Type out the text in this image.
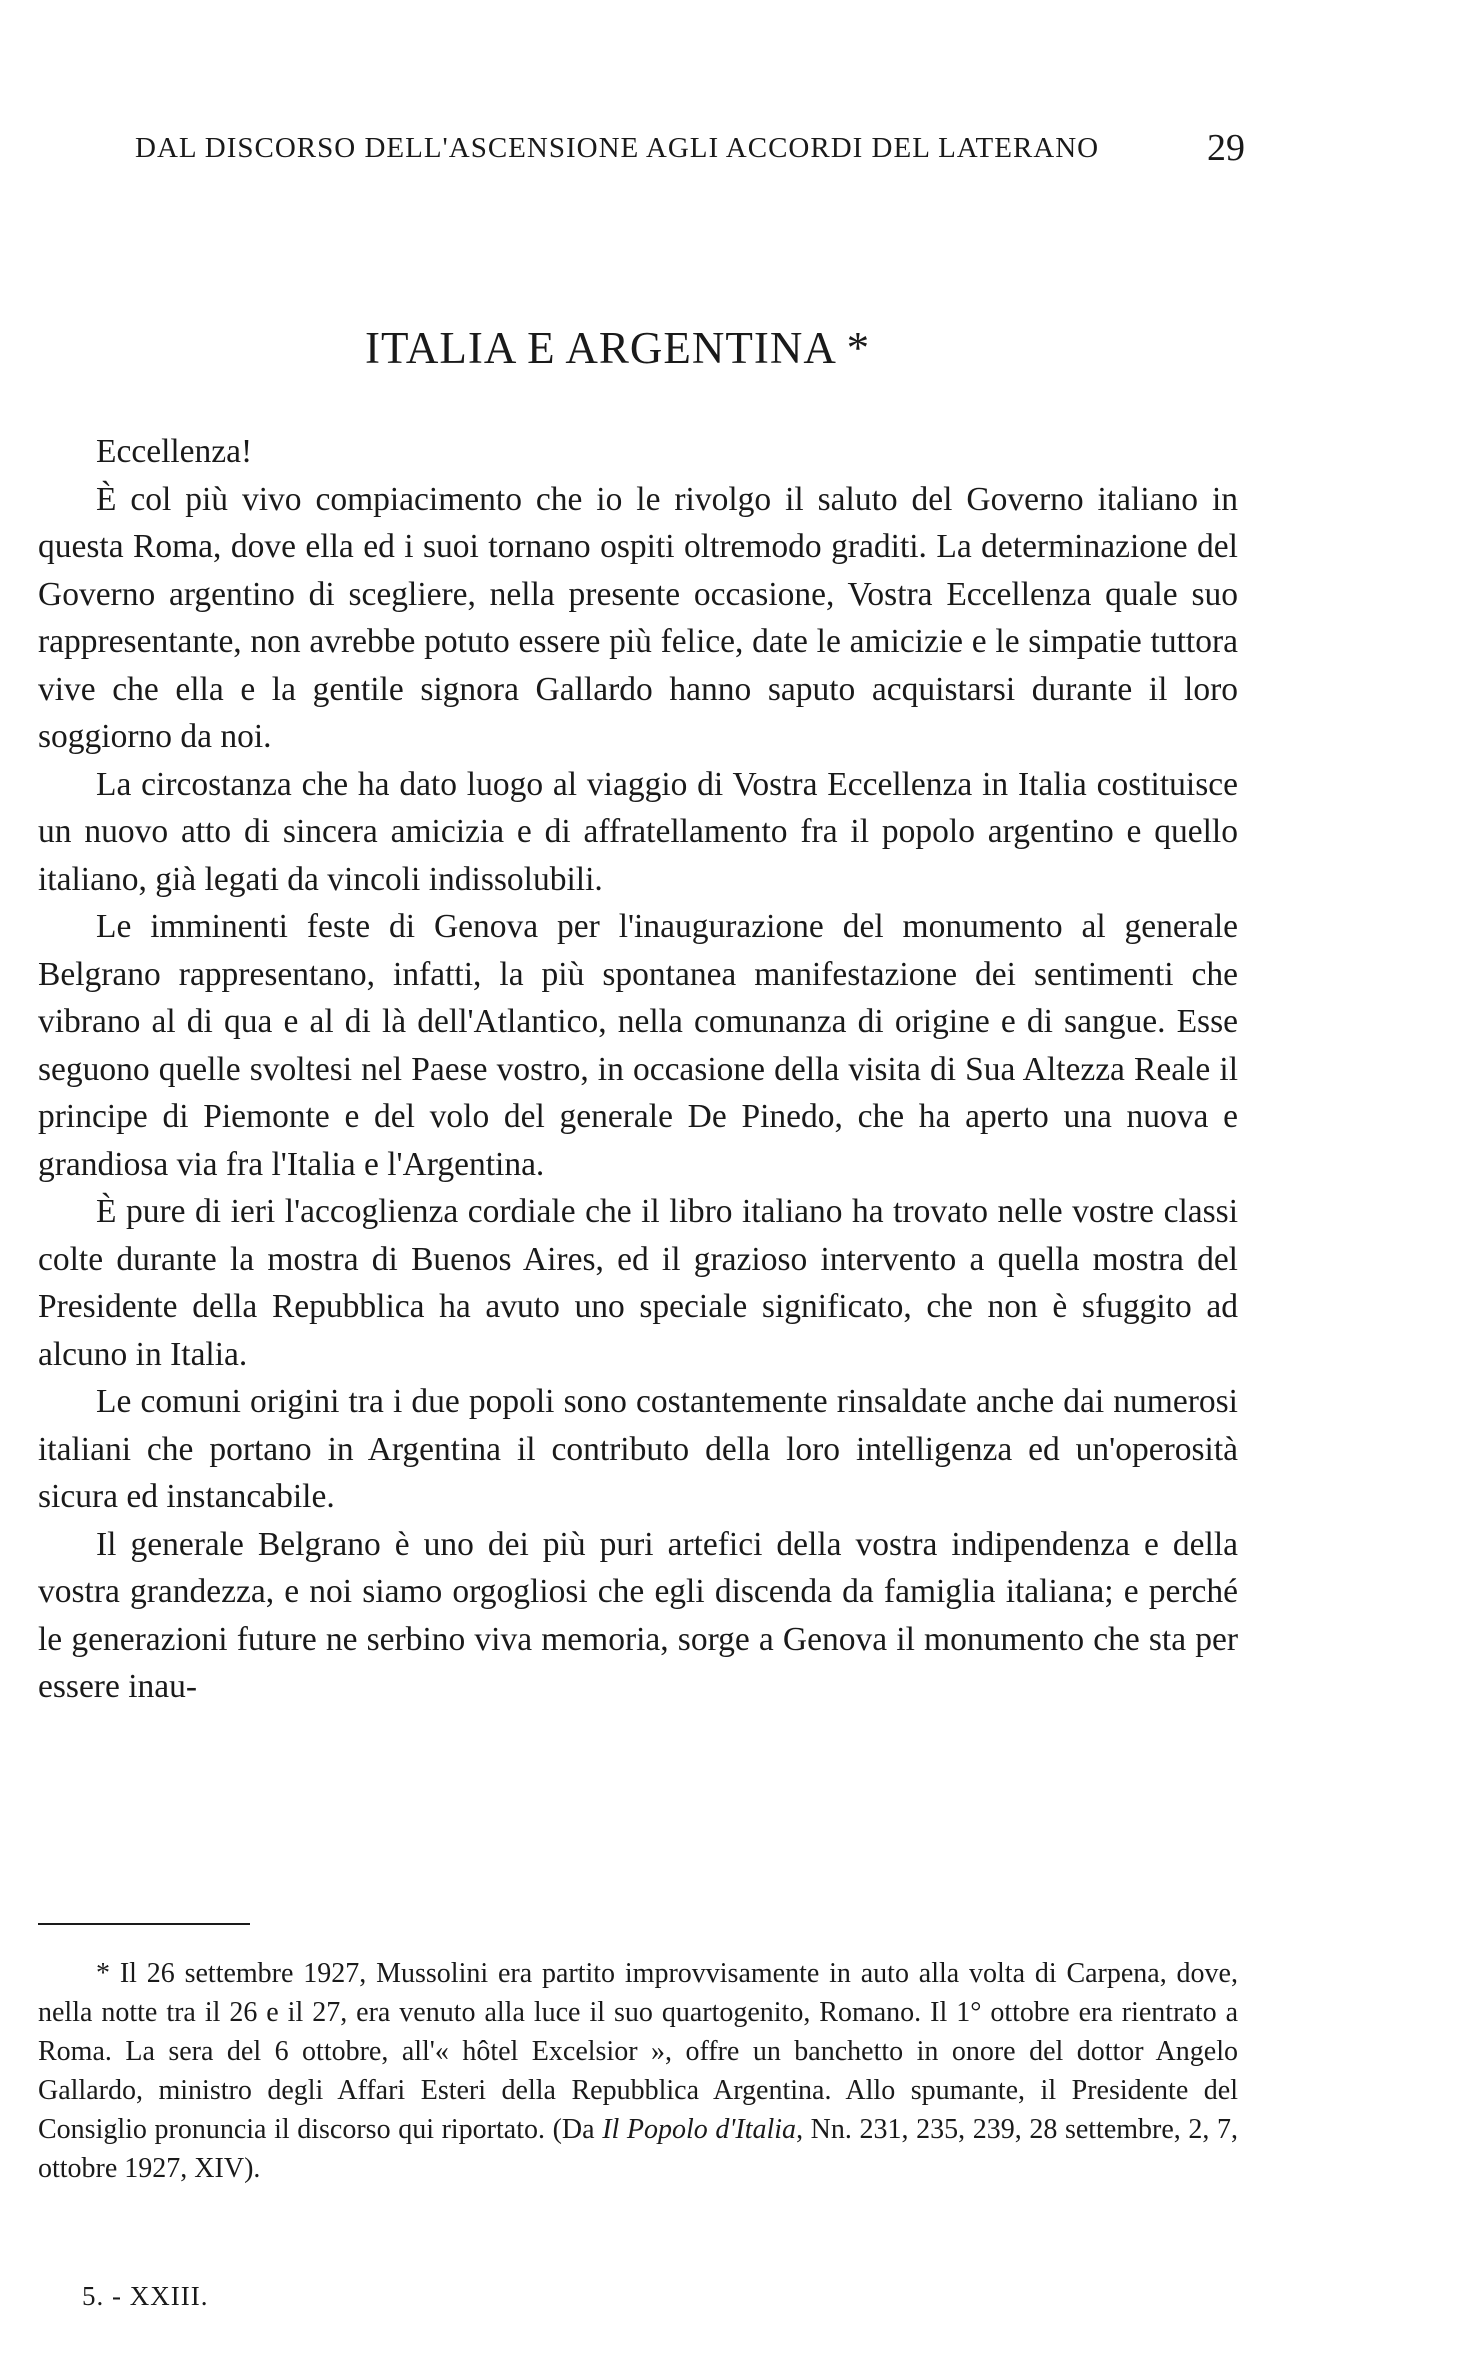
DAL DISCORSO DELL'ASCENSIONE AGLI ACCORDI DEL LATERANO	29
ITALIA E ARGENTINA *

Eccellenza!

È col più vivo compiacimento che io le rivolgo il saluto del Governo italiano in questa Roma, dove ella ed i suoi tornano ospiti oltremodo graditi. La determinazione del Governo argentino di scegliere, nella presente occasione, Vostra Eccellenza quale suo rappresentante, non avrebbe potuto essere più felice, date le amicizie e le simpatie tuttora vive che ella e la gentile signora Gallardo hanno saputo acquistarsi durante il loro soggiorno da noi.

La circostanza che ha dato luogo al viaggio di Vostra Eccellenza in Italia costituisce un nuovo atto di sincera amicizia e di affratellamento fra il popolo argentino e quello italiano, già legati da vincoli indissolubili.

Le imminenti feste di Genova per l'inaugurazione del monumento al generale Belgrano rappresentano, infatti, la più spontanea manifestazione dei sentimenti che vibrano al di qua e al di là dell'Atlantico, nella comunanza di origine e di sangue. Esse seguono quelle svoltesi nel Paese vostro, in occasione della visita di Sua Altezza Reale il principe di Piemonte e del volo del generale De Pinedo, che ha aperto una nuova e grandiosa via fra l'Italia e l'Argentina.

È pure di ieri l'accoglienza cordiale che il libro italiano ha trovato nelle vostre classi colte durante la mostra di Buenos Aires, ed il grazioso intervento a quella mostra del Presidente della Repubblica ha avuto uno speciale significato, che non è sfuggito ad alcuno in Italia.

Le comuni origini tra i due popoli sono costantemente rinsaldate anche dai numerosi italiani che portano in Argentina il contributo della loro intelligenza ed un'operosità sicura ed instancabile.

Il generale Belgrano è uno dei più puri artefici della vostra indipendenza e della vostra grandezza, e noi siamo orgogliosi che egli discenda da famiglia italiana; e perché le generazioni future ne serbino viva memoria, sorge a Genova il monumento che sta per essere inau-

* Il 26 settembre 1927, Mussolini era partito improvvisamente in auto alla volta di Carpena, dove, nella notte tra il 26 e il 27, era venuto alla luce il suo quartogenito, Romano. Il 1° ottobre era rientrato a Roma. La sera del 6 ottobre, all'« hôtel Excelsior », offre un banchetto in onore del dottor Angelo Gallardo, ministro degli Affari Esteri della Repubblica Argentina. Allo spumante, il Presidente del Consiglio pronuncia il discorso qui riportato. (Da Il Popolo d'Italia, Nn. 231, 235, 239, 28 settembre, 2, 7, ottobre 1927, XIV).

5. - XXIII.
